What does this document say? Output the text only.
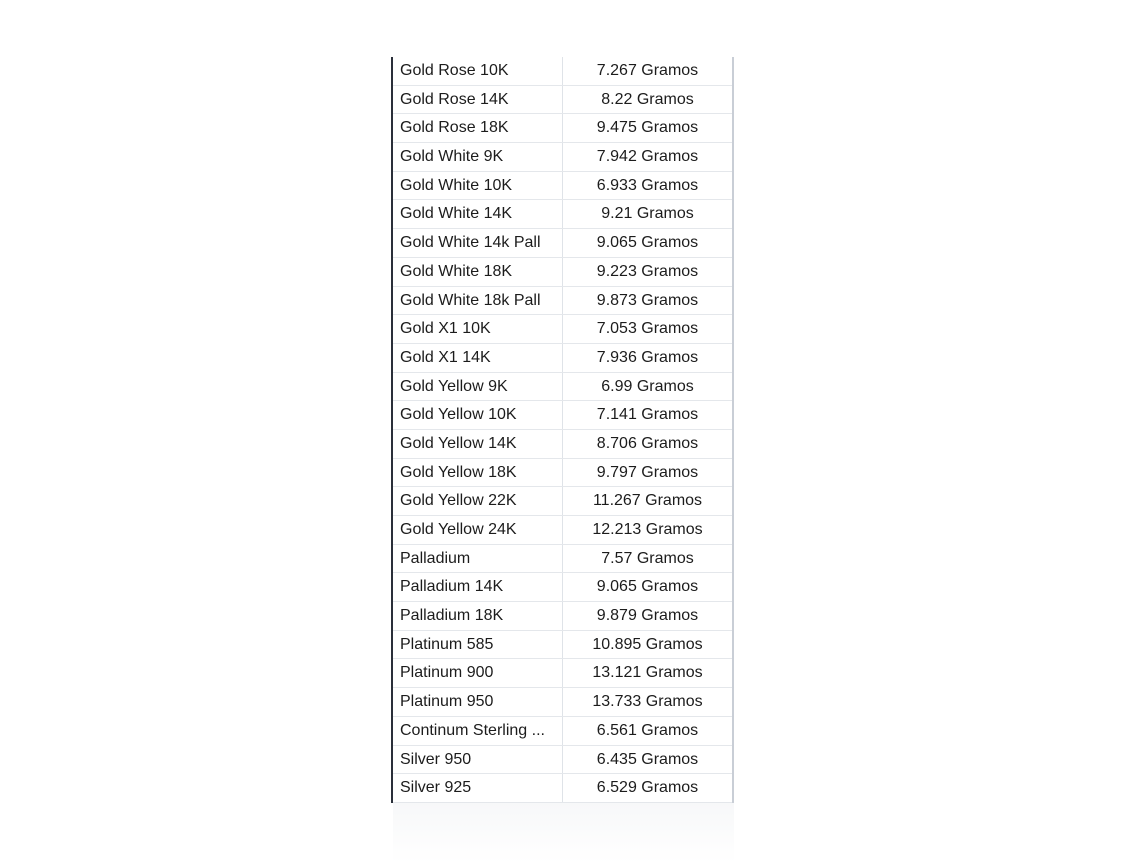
Gold Rose 10K	7.267 Gramos
Gold Rose 14K	8.22 Gramos
Gold Rose 18K	9.475 Gramos
Gold White 9K	7.942 Gramos
Gold White 10K	6.933 Gramos
Gold White 14K	9.21 Gramos
Gold White 14k Pall	9.065 Gramos
Gold White 18K	9.223 Gramos
Gold White 18k Pall	9.873 Gramos
Gold X1 10K	7.053 Gramos
Gold X1 14K	7.936 Gramos
Gold Yellow 9K	6.99 Gramos
Gold Yellow 10K	7.141 Gramos
Gold Yellow 14K	8.706 Gramos
Gold Yellow 18K	9.797 Gramos
Gold Yellow 22K	11.267 Gramos
Gold Yellow 24K	12.213 Gramos
Palladium	7.57 Gramos
Palladium 14K	9.065 Gramos
Palladium 18K	9.879 Gramos
Platinum 585	10.895 Gramos
Platinum 900	13.121 Gramos
Platinum 950	13.733 Gramos
Continum Sterling ...	6.561 Gramos
Silver 950	6.435 Gramos
Silver 925	6.529 Gramos
